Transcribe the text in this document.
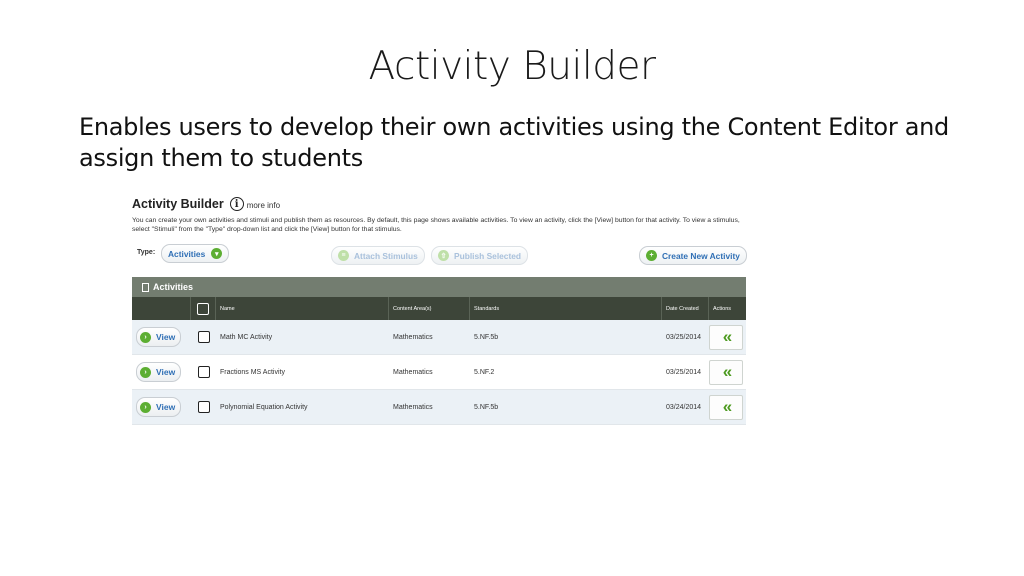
Activity Builder
Enables users to develop their own activities using the Content Editor and assign them to students
Activity Builder	i	more info
You can create your own activities and stimuli and publish them as resources. By default, this page shows available activities. To view an activity, click the [View] button for that activity. To view a stimulus, select "Stimuli" from the "Type" drop-down list and click the [View] button for that stimulus.
Type: Activities	▾	≡	Attach Stimulus	⇧ Publish Selected	+	Create New Activity
Activities
Name	Content Area(s)	Standards	Date Created	Actions
›	View	Math MC Activity	Mathematics	5.NF.5b	03/25/2014	«
›	View	Fractions MS Activity	Mathematics	5.NF.2	03/25/2014	«
›	View	Polynomial Equation Activity	Mathematics	5.NF.5b	03/24/2014	«
